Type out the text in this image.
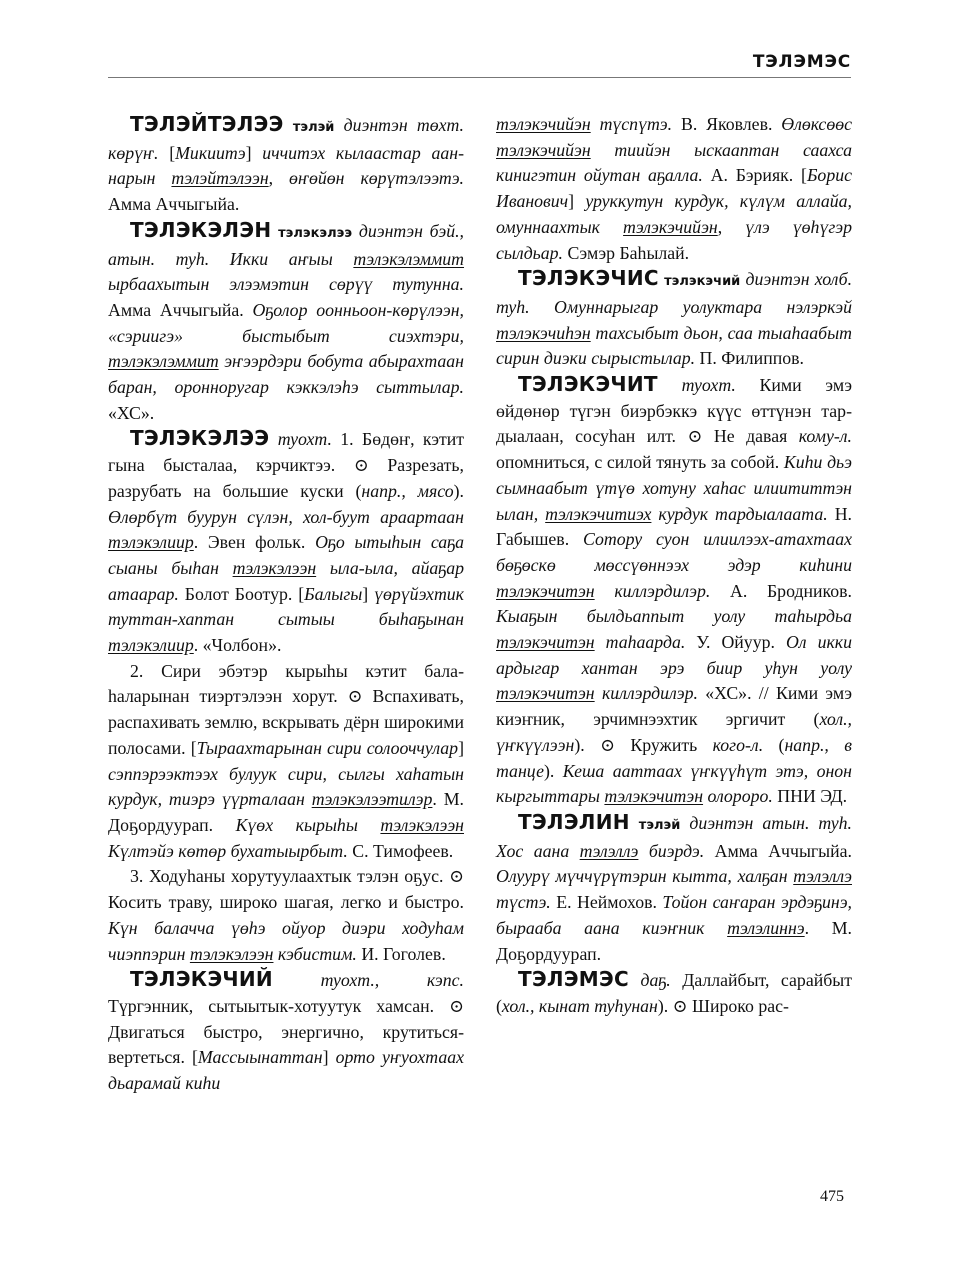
ТЭЛЭМЭС

ТЭЛЭЙТЭЛЭЭ тэлэй диэнтэн төхт. көрүҥ. [Микиитэ] иччитэх кылаастар ааннарын тэлэйтэлээн, өҥөйөн көрүтэлээтэ. Амма Аччыгыйа.

ТЭЛЭКЭЛЭН тэлэкэлээ диэнтэн бэй., атын. туһ. Икки аҥыы тэлэкэлэммит ырбаахытын элээмэтин сөрүү тутунна. Амма Аччыгыйа. Оҕолор оонньоон-көрүлээн, «сэриигэ» быстыбыт сиэхтэри, тэлэкэлэммит эҥээрдэри бобута абырахтаан баран, оронноругар кэккэлэһэ сыттылар. «ХС».

ТЭЛЭКЭЛЭЭ туохт. 1. Бөдөҥ, кэтит гына бысталаа, кэрчиктээ. ⊙ Разрезать, разрубать на большие куски (напр., мясо). Өлөрбүт буурун сүлэн, хол-буут араартаан тэлэкэлиир. Эвен фольк. Оҕо ытыһын саҕа сыаны быһан тэлэкэлээн ыла-ыла, айаҕар атаарар. Болот Боотур. [Балыгы] үөрүйэхтик туттан-хаптан сытыы быһаҕынан тэлэкэлиир. «Чолбон».

2. Сири эбэтэр кырыһы кэтит балаһаларынан тиэртэлээн хорут. ⊙ Вспахивать, распахивать землю, вскрывать дёрн широкими полосами. [Тыраахтарынан сири солооччулар] сэппэрээктээх булуук сири, сылгы хаһатын курдук, тиэрэ үүрталаан тэлэкэлээтилэр. М. Доҕордуурап. Күөх кырыһы тэлэкэлээн Күлтэйэ көтөр бухатыырбыт. С. Тимофеев.

3. Ходуһаны хорутуулаахтык тэлэн оҕус. ⊙ Косить траву, широко шагая, легко и быстро. Күн балачча үөһэ ойуор диэри ходуһам чиэппэрин тэлэкэлээн кэбистим. И. Гоголев.

ТЭЛЭКЭЧИЙ	туохт., кэпс. Түргэнник, сытыытык-хотуутук хамсан. ⊙ Двигаться быстро, энергично, крутиться-вертеться. [Массыынаттан] орто уҥуохтаах дьарамай киһи

тэлэкэчийэн түспүтэ. В. Яковлев. Өлөксөөс тэлэкэчийэн тиийэн ыскааптан саахса кинигэтин ойутан аҕалла. А. Бэрияк. [Борис Иванович] уруккутун курдук, күлүм аллайа, омуннаахтык тэлэкэчийэн, үлэ үөһүгэр сылдьар. Сэмэр Баһылай.

ТЭЛЭКЭЧИС тэлэкэчий диэнтэн холб. туһ. Омуннарыгар уолуктара нэлэркэй тэлэкэчиһэн тахсыбыт дьон, саа тыаһаабыт сирин диэки сырыстылар. П. Филиппов.

ТЭЛЭКЭЧИТ туохт. Кими эмэ өйдөнөр түгэн биэрбэккэ күүс өттүнэн тардыалаан, сосуһан илт. ⊙ Не давая кому-л. опомниться, с силой тянуть за собой. Киһи дьэ сымнаабыт үтүө хотуну хаһас илиититтэн ылан, тэлэкэчитиэх курдук тардыалаата. Н. Габышев. Сотору суон илиилээх-атахтаах бөҕөскө мөссүөннээх эдэр киһини тэлэкэчитэн киллэрдилэр. А. Бродников. Кыаҕын былдьаппыт уолу таһырдьа тэлэкэчитэн таһаарда. У. Ойуур. Ол икки ардыгар хантан эрэ биир уһун уолу тэлэкэчитэн киллэрдилэр. «ХС». // Кими эмэ киэҥник, эрчимнээхтик эргичит (хол., үҥкүүлээн). ⊙ Кружить кого-л. (напр., в танце). Кеша ааттаах үҥкүүһүт этэ, онон кыргыттары тэлэкэчитэн олороро. ПНИ ЭД.

ТЭЛЭЛИН тэлэй диэнтэн атын. туһ. Хос аана тэлэллэ биэрдэ. Амма Аччыгыйа. Олуурү мүччүрүтэрин кытта, халҕан тэлэллэ түстэ. Е. Неймохов. Тойон саҥаран эрдэҕинэ, бырааба аана киэҥник тэлэлиннэ. М. Доҕордуурап.

ТЭЛЭМЭС даҕ. Даллайбыт, сарайбыт (хол., кынат туһунан). ⊙ Широко рас-

475
